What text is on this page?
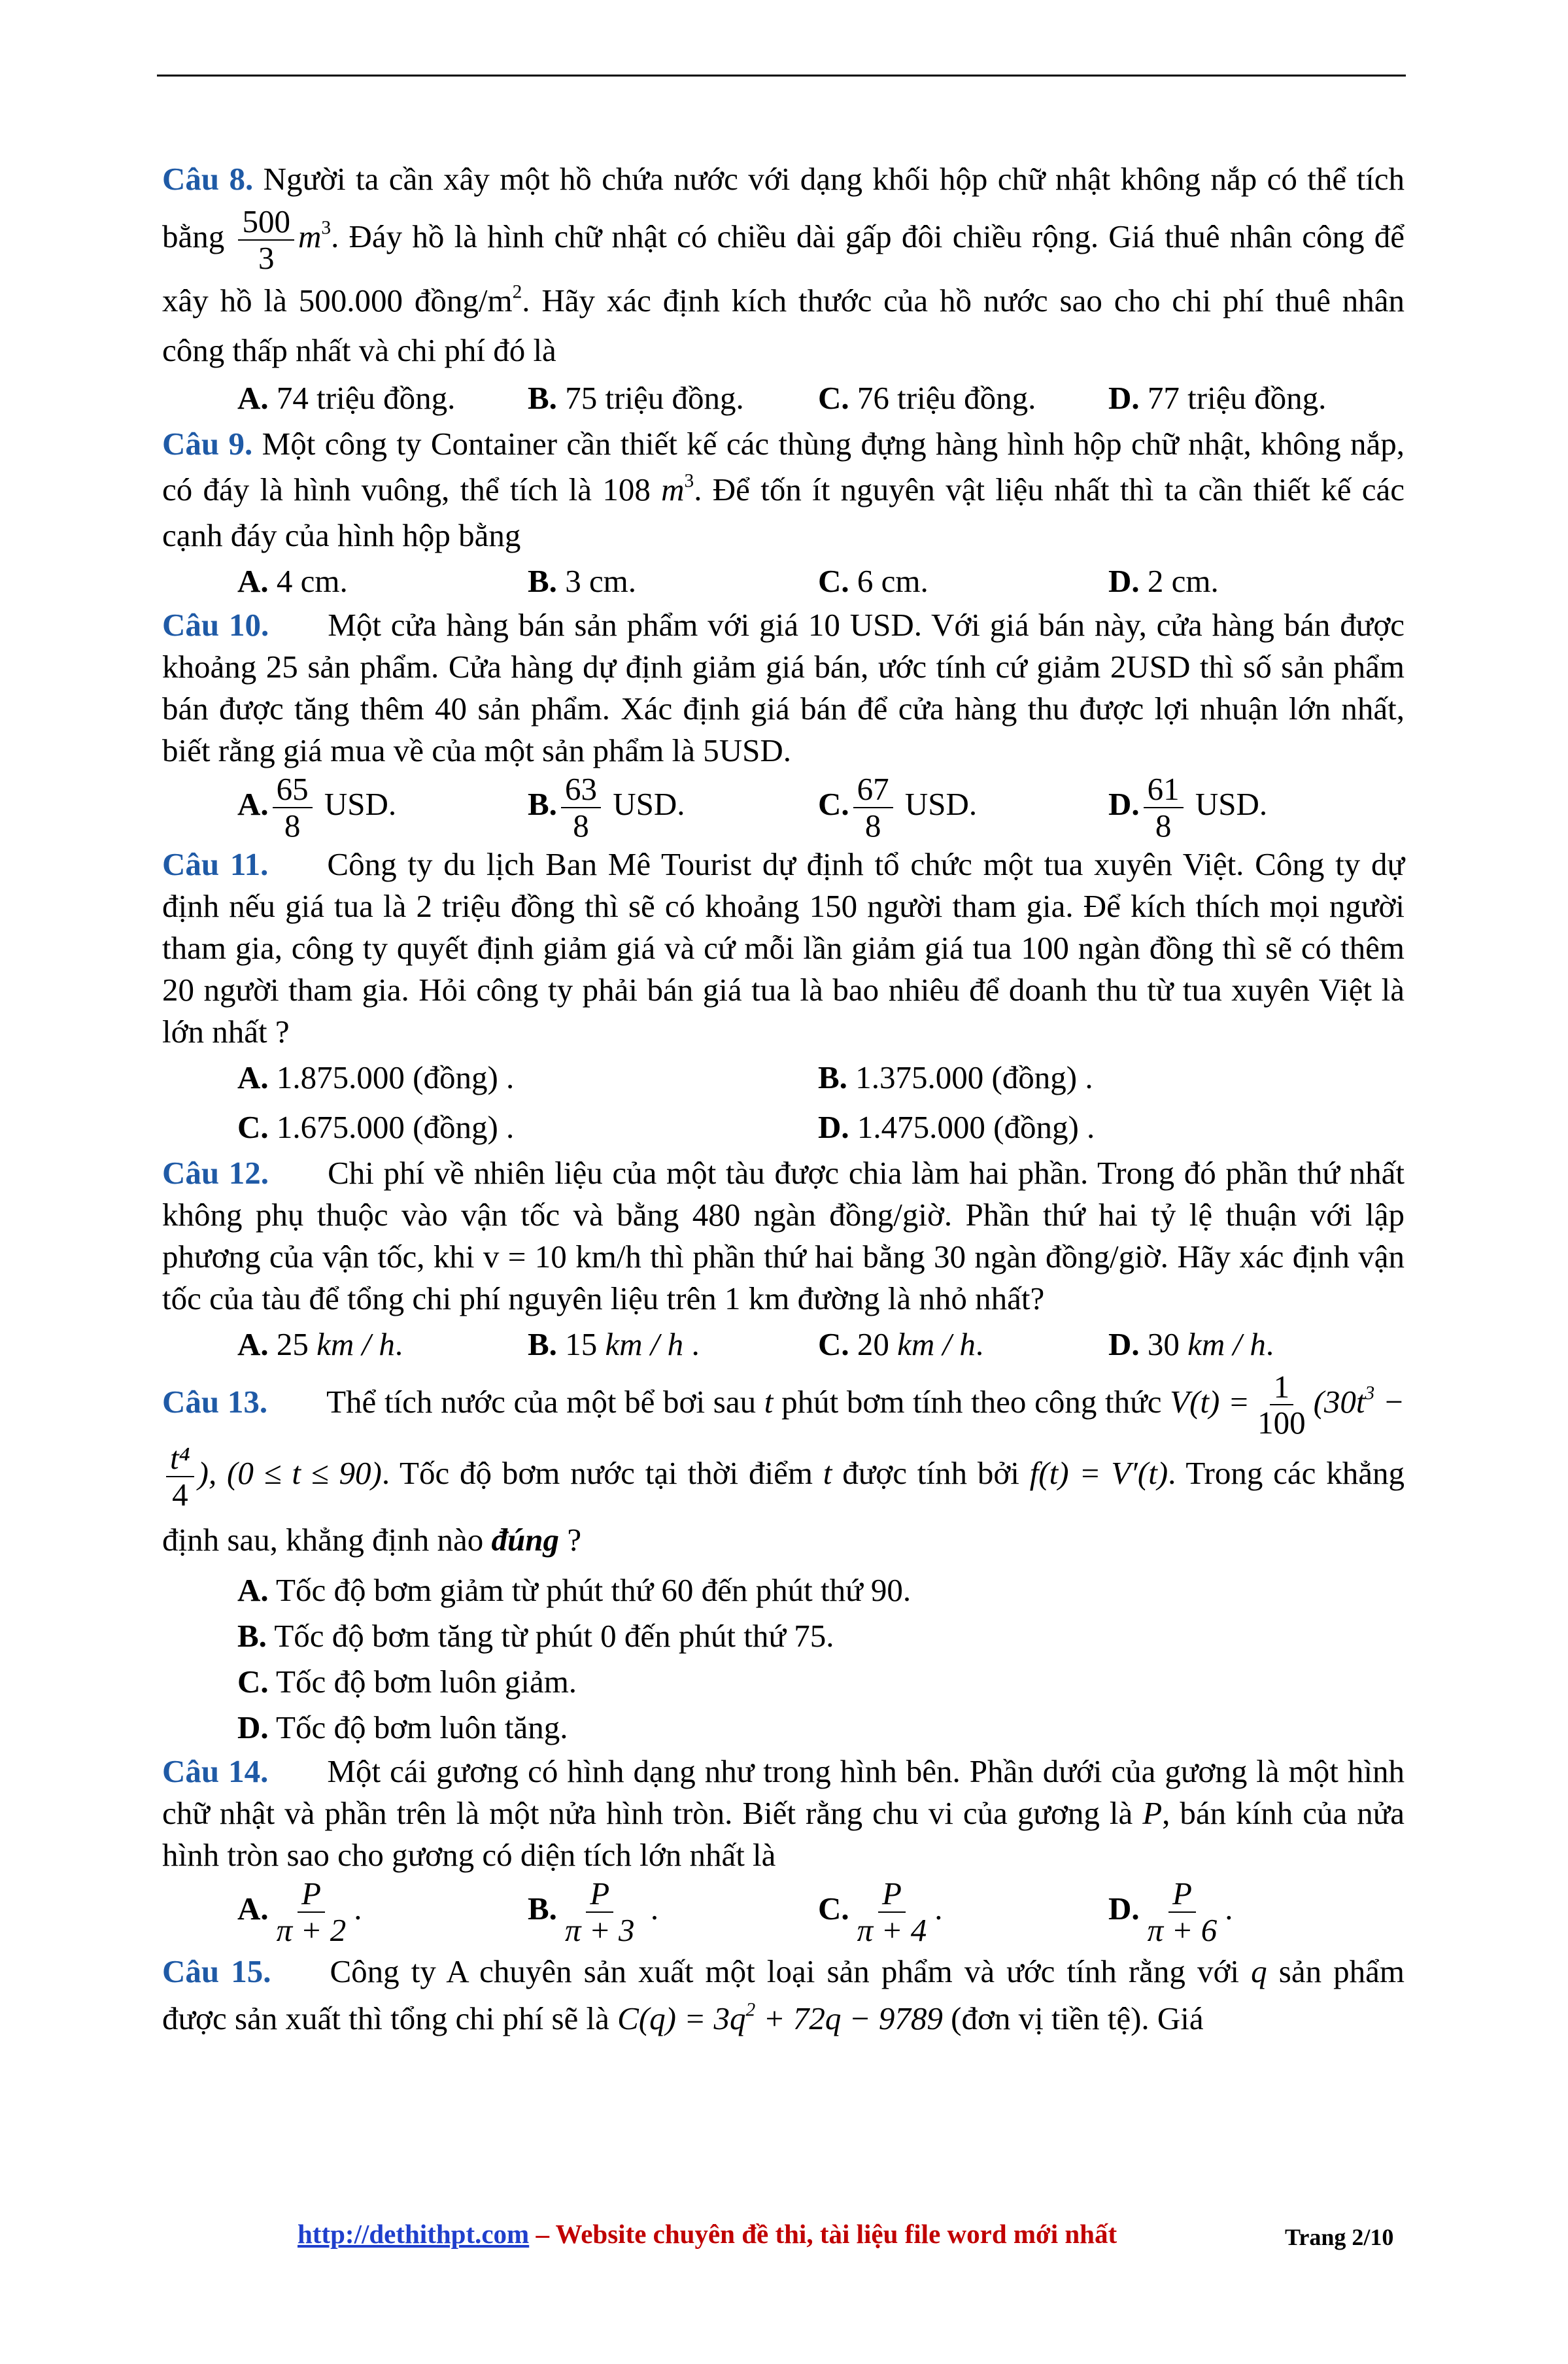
Câu 8. Người ta cần xây một hồ chứa nước với dạng khối hộp chữ nhật không nắp có thể tích bằng $\frac{500}{3} m^3$. Đáy hồ là hình chữ nhật có chiều dài gấp đôi chiều rộng. Giá thuê nhân công để xây hồ là 500.000 đồng/$m^2$. Hãy xác định kích thước của hồ nước sao cho chi phí thuê nhân công thấp nhất và chi phí đó là

A. 74 triệu đồng.	B. 75 triệu đồng.	C. 76 triệu đồng.	D. 77 triệu đồng.

Câu 9. Một công ty Container cần thiết kế các thùng đựng hàng hình hộp chữ nhật, không nắp, có đáy là hình vuông, thể tích là 108 $m^3$. Để tốn ít nguyên vật liệu nhất thì ta cần thiết kế các cạnh đáy của hình hộp bằng

A. 4 cm.	B. 3 cm.	C. 6 cm.	D. 2 cm.

Câu 10. Một cửa hàng bán sản phẩm với giá 10 USD. Với giá bán này, cửa hàng bán được khoảng 25 sản phẩm. Cửa hàng dự định giảm giá bán, ước tính cứ giảm 2USD thì số sản phẩm bán được tăng thêm 40 sản phẩm. Xác định giá bán để cửa hàng thu được lợi nhuận lớn nhất, biết rằng giá mua về của một sản phẩm là 5USD.

A. $\frac{65}{8}$ USD.	B. $\frac{63}{8}$ USD.	C. $\frac{67}{8}$ USD.	D. $\frac{61}{8}$ USD.

Câu 11. Công ty du lịch Ban Mê Tourist dự định tổ chức một tua xuyên Việt. Công ty dự định nếu giá tua là 2 triệu đồng thì sẽ có khoảng 150 người tham gia. Để kích thích mọi người tham gia, công ty quyết định giảm giá và cứ mỗi lần giảm giá tua 100 ngàn đồng thì sẽ có thêm 20 người tham gia. Hỏi công ty phải bán giá tua là bao nhiêu để doanh thu từ tua xuyên Việt là lớn nhất ?

A. 1.875.000 (đồng) .	B. 1.375.000 (đồng) .
C. 1.675.000 (đồng) .	D. 1.475.000 (đồng) .

Câu 12. Chi phí về nhiên liệu của một tàu được chia làm hai phần. Trong đó phần thứ nhất không phụ thuộc vào vận tốc và bằng 480 ngàn đồng/giờ. Phần thứ hai tỷ lệ thuận với lập phương của vận tốc, khi v = 10 km/h thì phần thứ hai bằng 30 ngàn đồng/giờ. Hãy xác định vận tốc của tàu để tổng chi phí nguyên liệu trên 1 km đường là nhỏ nhất?

A. 25 km / h.	B. 15 km / h .	C. 20 km / h.	D. 30 km / h.

Câu 13. Thể tích nước của một bể bơi sau t phút bơm tính theo công thức $V(t) = \frac{1}{100} (30t^3$ −
$\frac{\text{t⁴}}{4}$ ), (0 ≤ t ≤ 90). Tốc độ bơm nước tại thời điểm t được tính bởi f(t) = V′(t). Trong các khẳng định sau, khẳng định nào đúng ?

A. Tốc độ bơm giảm từ phút thứ 60 đến phút thứ 90.

B. Tốc độ bơm tăng từ phút 0 đến phút thứ 75.

C. Tốc độ bơm luôn giảm.

D. Tốc độ bơm luôn tăng.

Câu 14. Một cái gương có hình dạng như trong hình bên. Phần dưới của gương là một hình chữ nhật và phần trên là một nửa hình tròn. Biết rằng chu vi của gương là P, bán kính của nửa hình tròn sao cho gương có diện tích lớn nhất là

A. $\frac{P}{\pi + 2}$ .	B. $\frac{P}{\pi + 3}$ .	C. $\frac{P}{\pi + 4}$ .	D. $\frac{P}{\pi + 6}$ .

Câu 15. Công ty A chuyên sản xuất một loại sản phẩm và ước tính rằng với q sản phẩm được sản xuất thì tổng chi phí sẽ là $C(q) = 3q^2 + 72q - 9789$ (đơn vị tiền tệ). Giá

http://dethithpt.com – Website chuyên đề thi, tài liệu file word mới nhất	Trang 2/10
